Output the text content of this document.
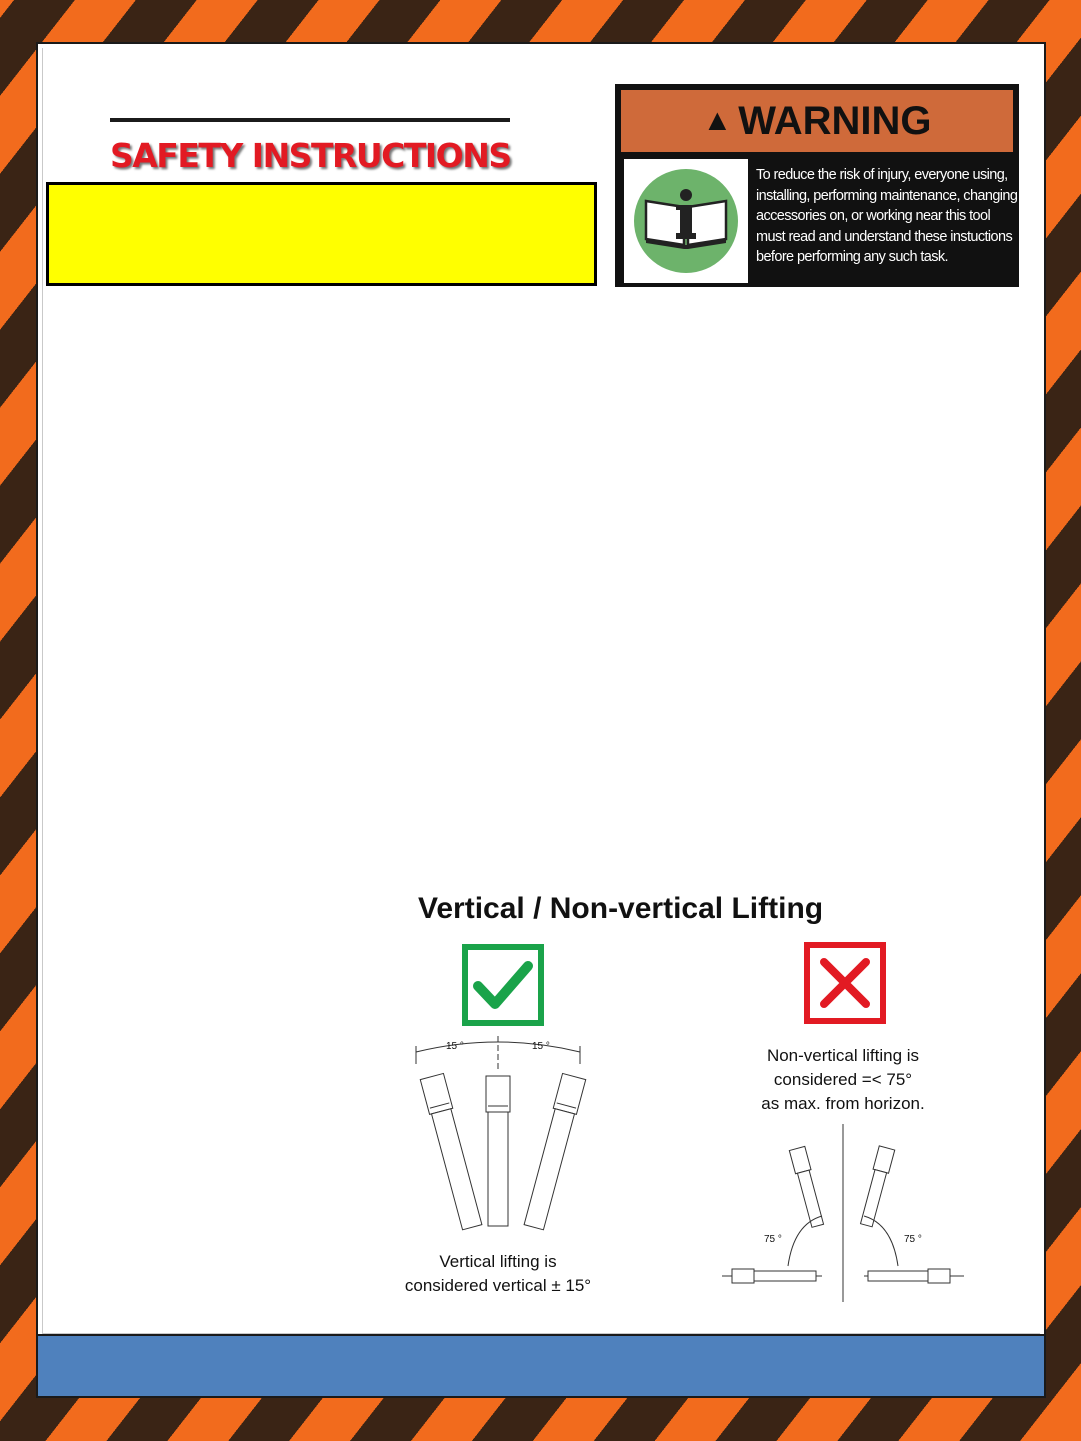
SAFETY INSTRUCTIONS
▲ WARNING
To reduce the risk of injury, everyone using, installing, performing maintenance, changing accessories on, or working near this tool must read and understand these instuctions before performing any such task.
Vertical / Non-vertical Lifting
15 °	15 °
Vertical lifting is
considered vertical ± 15°
Non-vertical lifting is
considered =< 75°
as max. from horizon.
75 °	75 °
